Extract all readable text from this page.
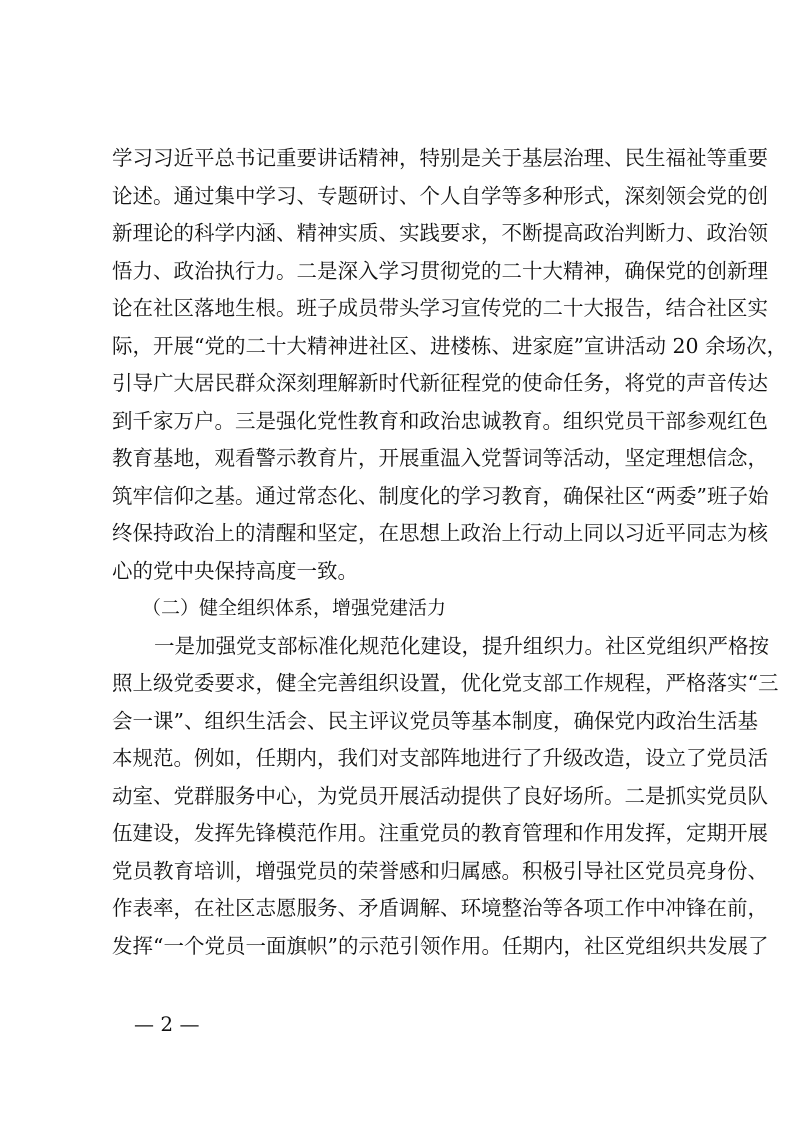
学习习近平总书记重要讲话精神，特别是关于基层治理、民生福祉等重要
论述。通过集中学习、专题研讨、个人自学等多种形式，深刻领会党的创
新理论的科学内涵、精神实质、实践要求，不断提高政治判断力、政治领
悟力、政治执行力。二是深入学习贯彻党的二十大精神，确保党的创新理
论在社区落地生根。班子成员带头学习宣传党的二十大报告，结合社区实
际，开展“党的二十大精神进社区、进楼栋、进家庭”宣讲活动 20 余场次，
引导广大居民群众深刻理解新时代新征程党的使命任务，将党的声音传达
到千家万户。三是强化党性教育和政治忠诚教育。组织党员干部参观红色
教育基地，观看警示教育片，开展重温入党誓词等活动，坚定理想信念，
筑牢信仰之基。通过常态化、制度化的学习教育，确保社区“两委”班子始
终保持政治上的清醒和坚定，在思想上政治上行动上同以习近平同志为核
心的党中央保持高度一致。
（二）健全组织体系，增强党建活力
一是加强党支部标准化规范化建设，提升组织力。社区党组织严格按
照上级党委要求，健全完善组织设置，优化党支部工作规程，严格落实“三
会一课”、组织生活会、民主评议党员等基本制度，确保党内政治生活基
本规范。例如，任期内，我们对支部阵地进行了升级改造，设立了党员活
动室、党群服务中心，为党员开展活动提供了良好场所。二是抓实党员队
伍建设，发挥先锋模范作用。注重党员的教育管理和作用发挥，定期开展
党员教育培训，增强党员的荣誉感和归属感。积极引导社区党员亮身份、
作表率，在社区志愿服务、矛盾调解、环境整治等各项工作中冲锋在前，
发挥“一个党员一面旗帜”的示范引领作用。任期内，社区党组织共发展了
— 2 —
